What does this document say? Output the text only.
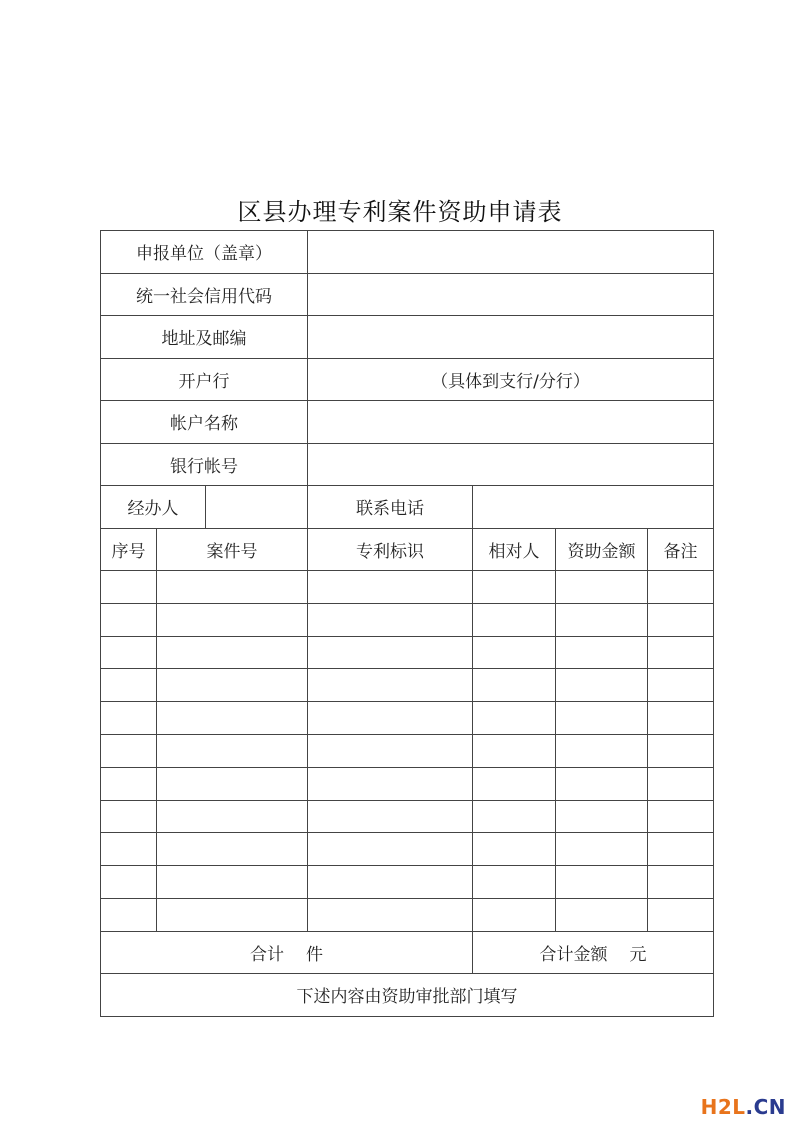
区县办理专利案件资助申请表
申报单位（盖章）						
统一社会信用代码						
地址及邮编						
开户行			（具体到支行/分行）			
帐户名称						
银行帐号						
经办人			联系电话			
序号	案件号		专利标识	相对人	资助金额	备注

合计 件				合计金额 元		
下述内容由资助审批部门填写						
H2L.CN
